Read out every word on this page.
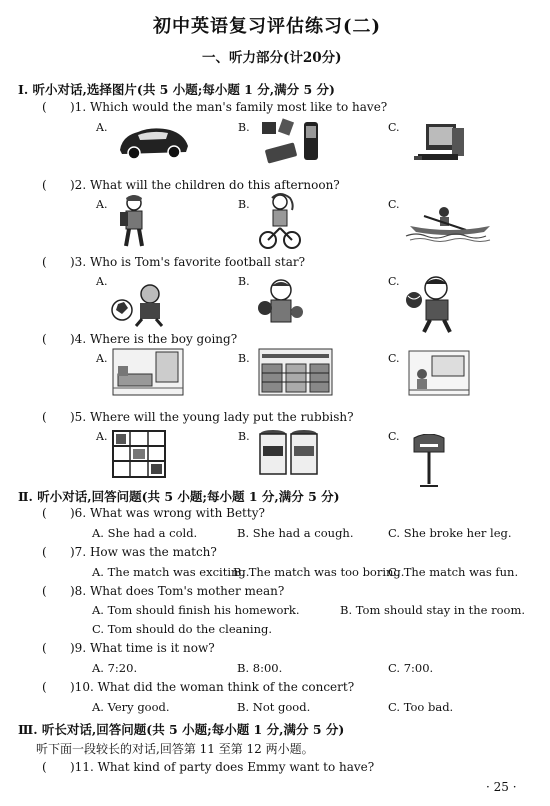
初中英语复习评估练习(二)
一、听力部分(计20分)
Ⅰ. 听小对话,选择图片(共 5 小题;每小题 1 分,满分 5 分)
( )1. Which would the man's family most like to have?
A.	B.	C.
( )2. What will the children do this afternoon?
A.	B.	C.
( )3. Who is Tom's favorite football star?
A.	B.	C.
( )4. Where is the boy going?
A.	B.	C.
( )5. Where will the young lady put the rubbish?
A.	B.	C.
Ⅱ. 听小对话,回答问题(共 5 小题;每小题 1 分,满分 5 分)
( )6. What was wrong with Betty?
A. She had a cold.	B. She had a cough.	C. She broke her leg.
( )7. How was the match?
A. The match was exciting.
B. The match was too boring.
C. The match was fun.
( )8. What does Tom's mother mean?
A. Tom should finish his homework.	B. Tom should stay in the room.
C. Tom should do the cleaning.
( )9. What time is it now?
A. 7:20.	B. 8:00.	C. 7:00.
( )10. What did the woman think of the concert?
A. Very good.	B. Not good.	C. Too bad.
Ⅲ. 听长对话,回答问题(共 5 小题;每小题 1 分,满分 5 分)
听下面一段较长的对话,回答第 11 至第 12 两小题。
( )11. What kind of party does Emmy want to have?
· 25 ·
